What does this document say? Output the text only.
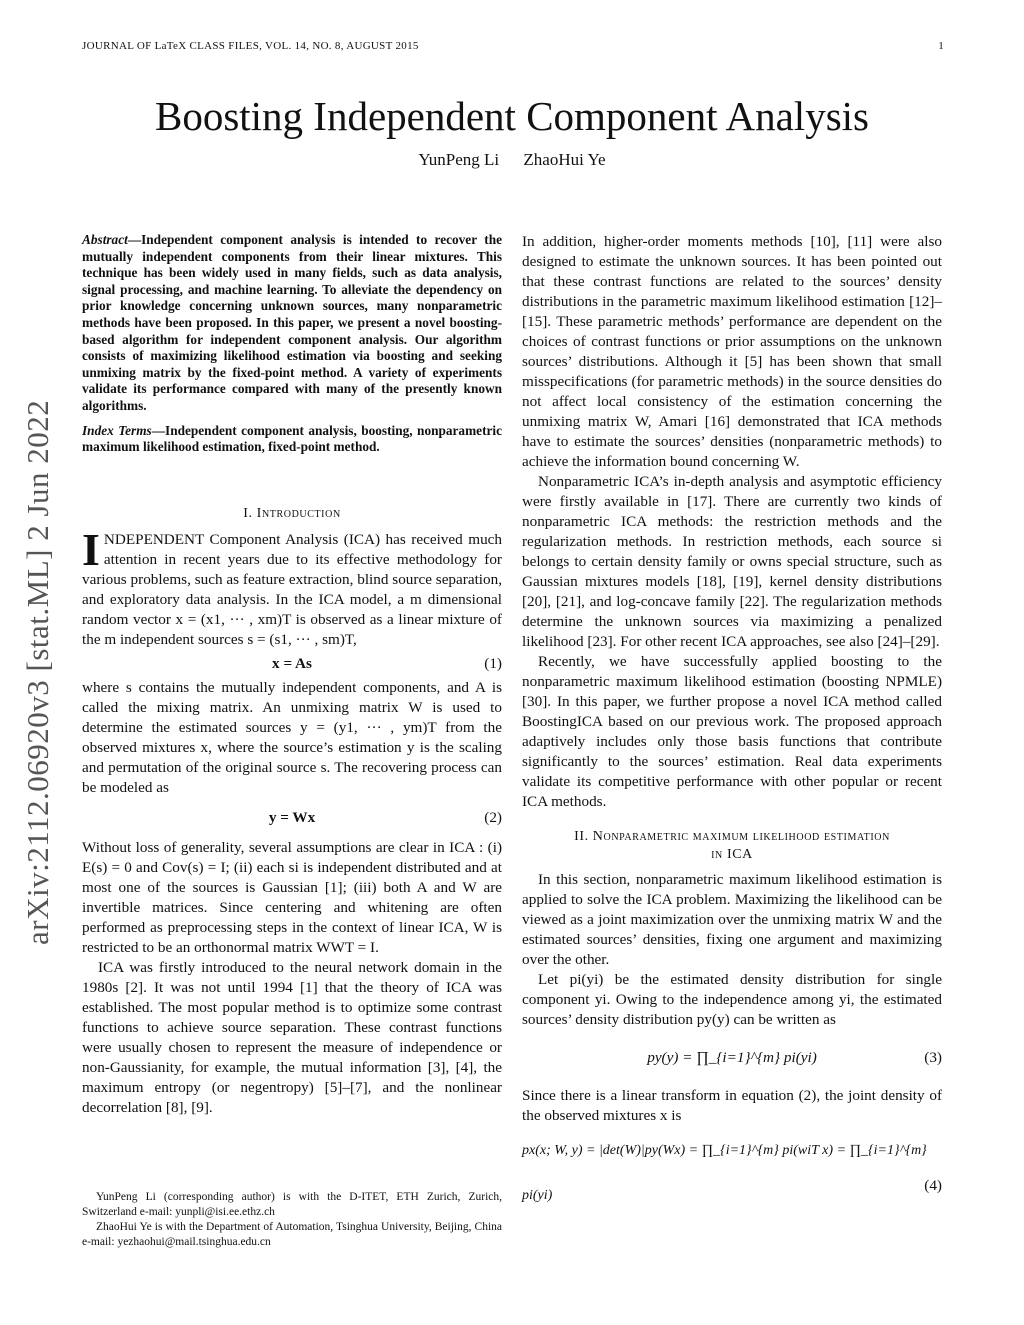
JOURNAL OF LaTeX CLASS FILES, VOL. 14, NO. 8, AUGUST 2015	1
Boosting Independent Component Analysis
YunPeng Li ZhaoHui Ye
arXiv:2112.06920v3 [stat.ML] 2 Jun 2022

Abstract—Independent component analysis is intended to recover the mutually independent components from their linear mixtures. This technique has been widely used in many fields, such as data analysis, signal processing, and machine learning. To alleviate the dependency on prior knowledge concerning unknown sources, many nonparametric methods have been proposed. In this paper, we present a novel boosting-based algorithm for independent component analysis. Our algorithm consists of maximizing likelihood estimation via boosting and seeking unmixing matrix by the fixed-point method. A variety of experiments validate its performance compared with many of the presently known algorithms.

Index Terms—Independent component analysis, boosting, nonparametric maximum likelihood estimation, fixed-point method.

I. Introduction

INDEPENDENT Component Analysis (ICA) has received much attention in recent years due to its effective methodology for various problems, such as feature extraction, blind source separation, and exploratory data analysis. In the ICA model, a m dimensional random vector x = (x1, ··· , xm)T is observed as a linear mixture of the m independent sources s = (s1, ··· , sm)T,

x = As	(1)

where s contains the mutually independent components, and A is called the mixing matrix. An unmixing matrix W is used to determine the estimated sources y = (y1, ··· , ym)T from the observed mixtures x, where the source’s estimation y is the scaling and permutation of the original source s. The recovering process can be modeled as

y = Wx	(2)

Without loss of generality, several assumptions are clear in ICA : (i) E(s) = 0 and Cov(s) = I; (ii) each si is independent distributed and at most one of the sources is Gaussian [1]; (iii) both A and W are invertible matrices. Since centering and whitening are often performed as preprocessing steps in the context of linear ICA, W is restricted to be an orthonormal matrix WWT = I.

ICA was firstly introduced to the neural network domain in the 1980s [2]. It was not until 1994 [1] that the theory of ICA was established. The most popular method is to optimize some contrast functions to achieve source separation. These contrast functions were usually chosen to represent the measure of independence or non-Gaussianity, for example, the mutual information [3], [4], the maximum entropy (or negentropy) [5]–[7], and the nonlinear decorrelation [8], [9].

YunPeng Li (corresponding author) is with the D-ITET, ETH Zurich, Zurich, Switzerland e-mail: yunpli@isi.ee.ethz.ch

ZhaoHui Ye is with the Department of Automation, Tsinghua University, Beijing, China e-mail: yezhaohui@mail.tsinghua.edu.cn

In addition, higher-order moments methods [10], [11] were also designed to estimate the unknown sources. It has been pointed out that these contrast functions are related to the sources’ density distributions in the parametric maximum likelihood estimation [12]–[15]. These parametric methods’ performance are dependent on the choices of contrast functions or prior assumptions on the unknown sources’ distributions. Although it [5] has been shown that small misspecifications (for parametric methods) in the source densities do not affect local consistency of the estimation concerning the unmixing matrix W, Amari [16] demonstrated that ICA methods have to estimate the sources’ densities (nonparametric methods) to achieve the information bound concerning W.

Nonparametric ICA’s in-depth analysis and asymptotic efficiency were firstly available in [17]. There are currently two kinds of nonparametric ICA methods: the restriction methods and the regularization methods. In restriction methods, each source si belongs to certain density family or owns special structure, such as Gaussian mixtures models [18], [19], kernel density distributions [20], [21], and log-concave family [22]. The regularization methods determine the unknown sources via maximizing a penalized likelihood [23]. For other recent ICA approaches, see also [24]–[29].

Recently, we have successfully applied boosting to the nonparametric maximum likelihood estimation (boosting NPMLE) [30]. In this paper, we further propose a novel ICA method called BoostingICA based on our previous work. The proposed approach adaptively includes only those basis functions that contribute significantly to the sources’ estimation. Real data experiments validate its competitive performance with other popular or recent ICA methods.

II. Nonparametric maximum likelihood estimation
in ICA

In this section, nonparametric maximum likelihood estimation is applied to solve the ICA problem. Maximizing the likelihood can be viewed as a joint maximization over the unmixing matrix W and the estimated sources’ densities, fixing one argument and maximizing over the other.

Let pi(yi) be the estimated density distribution for single component yi. Owing to the independence among yi, the estimated sources’ density distribution py(y) can be written as

py(y) = ∏_{i=1}^{m} pi(yi)	(3)

Since there is a linear transform in equation (2), the joint density of the observed mixtures x is

px(x; W, y) = |det(W)|py(Wx) = ∏_{i=1}^{m} pi(wiT x) = ∏_{i=1}^{m} pi(yi)
(4)
